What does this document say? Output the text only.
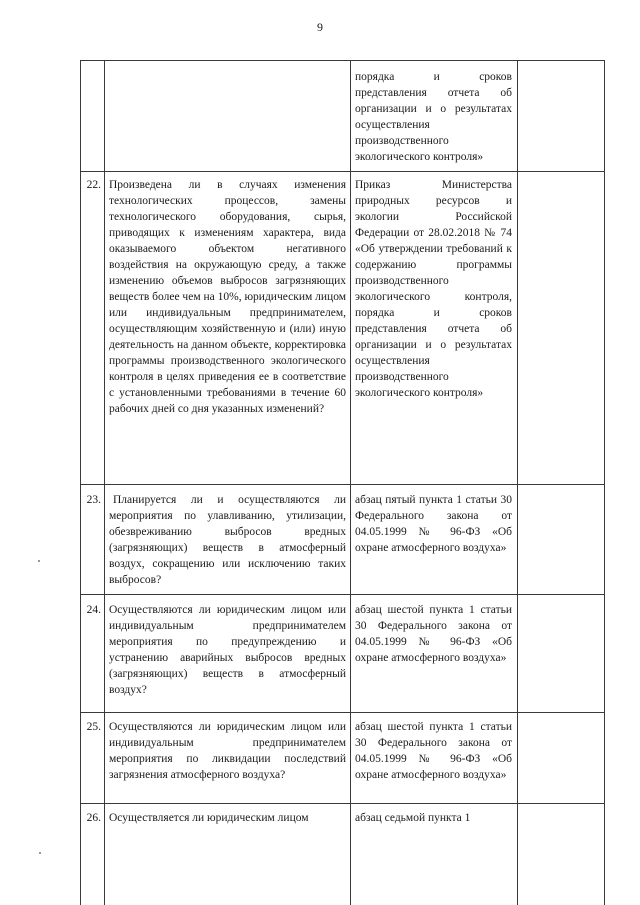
9
порядка и сроков представления отчета об организации и о результатах осуществления производственного экологического контроля»
22. Произведена ли в случаях изменения технологических процессов, замены технологического оборудования, сырья, приводящих к изменениям характера, вида оказываемого объектом негативного воздействия на окружающую среду, а также изменению объемов выбросов загрязняющих веществ более чем на 10%, юридическим лицом или индивидуальным предпринимателем, осуществляющим хозяйственную и (или) иную деятельность на данном объекте, корректировка программы производственного экологического контроля в целях приведения ее в соответствие с установленными требованиями в течение 60 рабочих дней со дня указанных изменений?
Приказ Министерства природных ресурсов и экологии Российской Федерации от 28.02.2018 № 74 «Об утверждении требований к содержанию программы производственного экологического контроля, порядка и сроков представления отчета об организации и о результатах осуществления производственного экологического контроля»
23.	Планируется ли и осуществляются ли мероприятия по улавливанию, утилизации, обезвреживанию выбросов вредных (загрязняющих) веществ в атмосферный воздух, сокращению или исключению таких выбросов?
абзац пятый пункта 1 статьи 30 Федерального закона от 04.05.1999 № 96-ФЗ «Об охране атмосферного воздуха»
24. Осуществляются ли юридическим лицом или индивидуальным предпринимателем мероприятия по предупреждению и устранению аварийных выбросов вредных (загрязняющих) веществ в атмосферный воздух?
абзац шестой пункта 1 статьи 30 Федерального закона от 04.05.1999 № 96-ФЗ «Об охране атмосферного воздуха»
25. Осуществляются ли юридическим лицом или индивидуальным предпринимателем мероприятия по ликвидации последствий загрязнения атмосферного воздуха?
абзац шестой пункта 1 статьи 30 Федерального закона от 04.05.1999 № 96-ФЗ «Об охране атмосферного воздуха»
26. Осуществляется ли юридическим лицом	абзац седьмой пункта 1
